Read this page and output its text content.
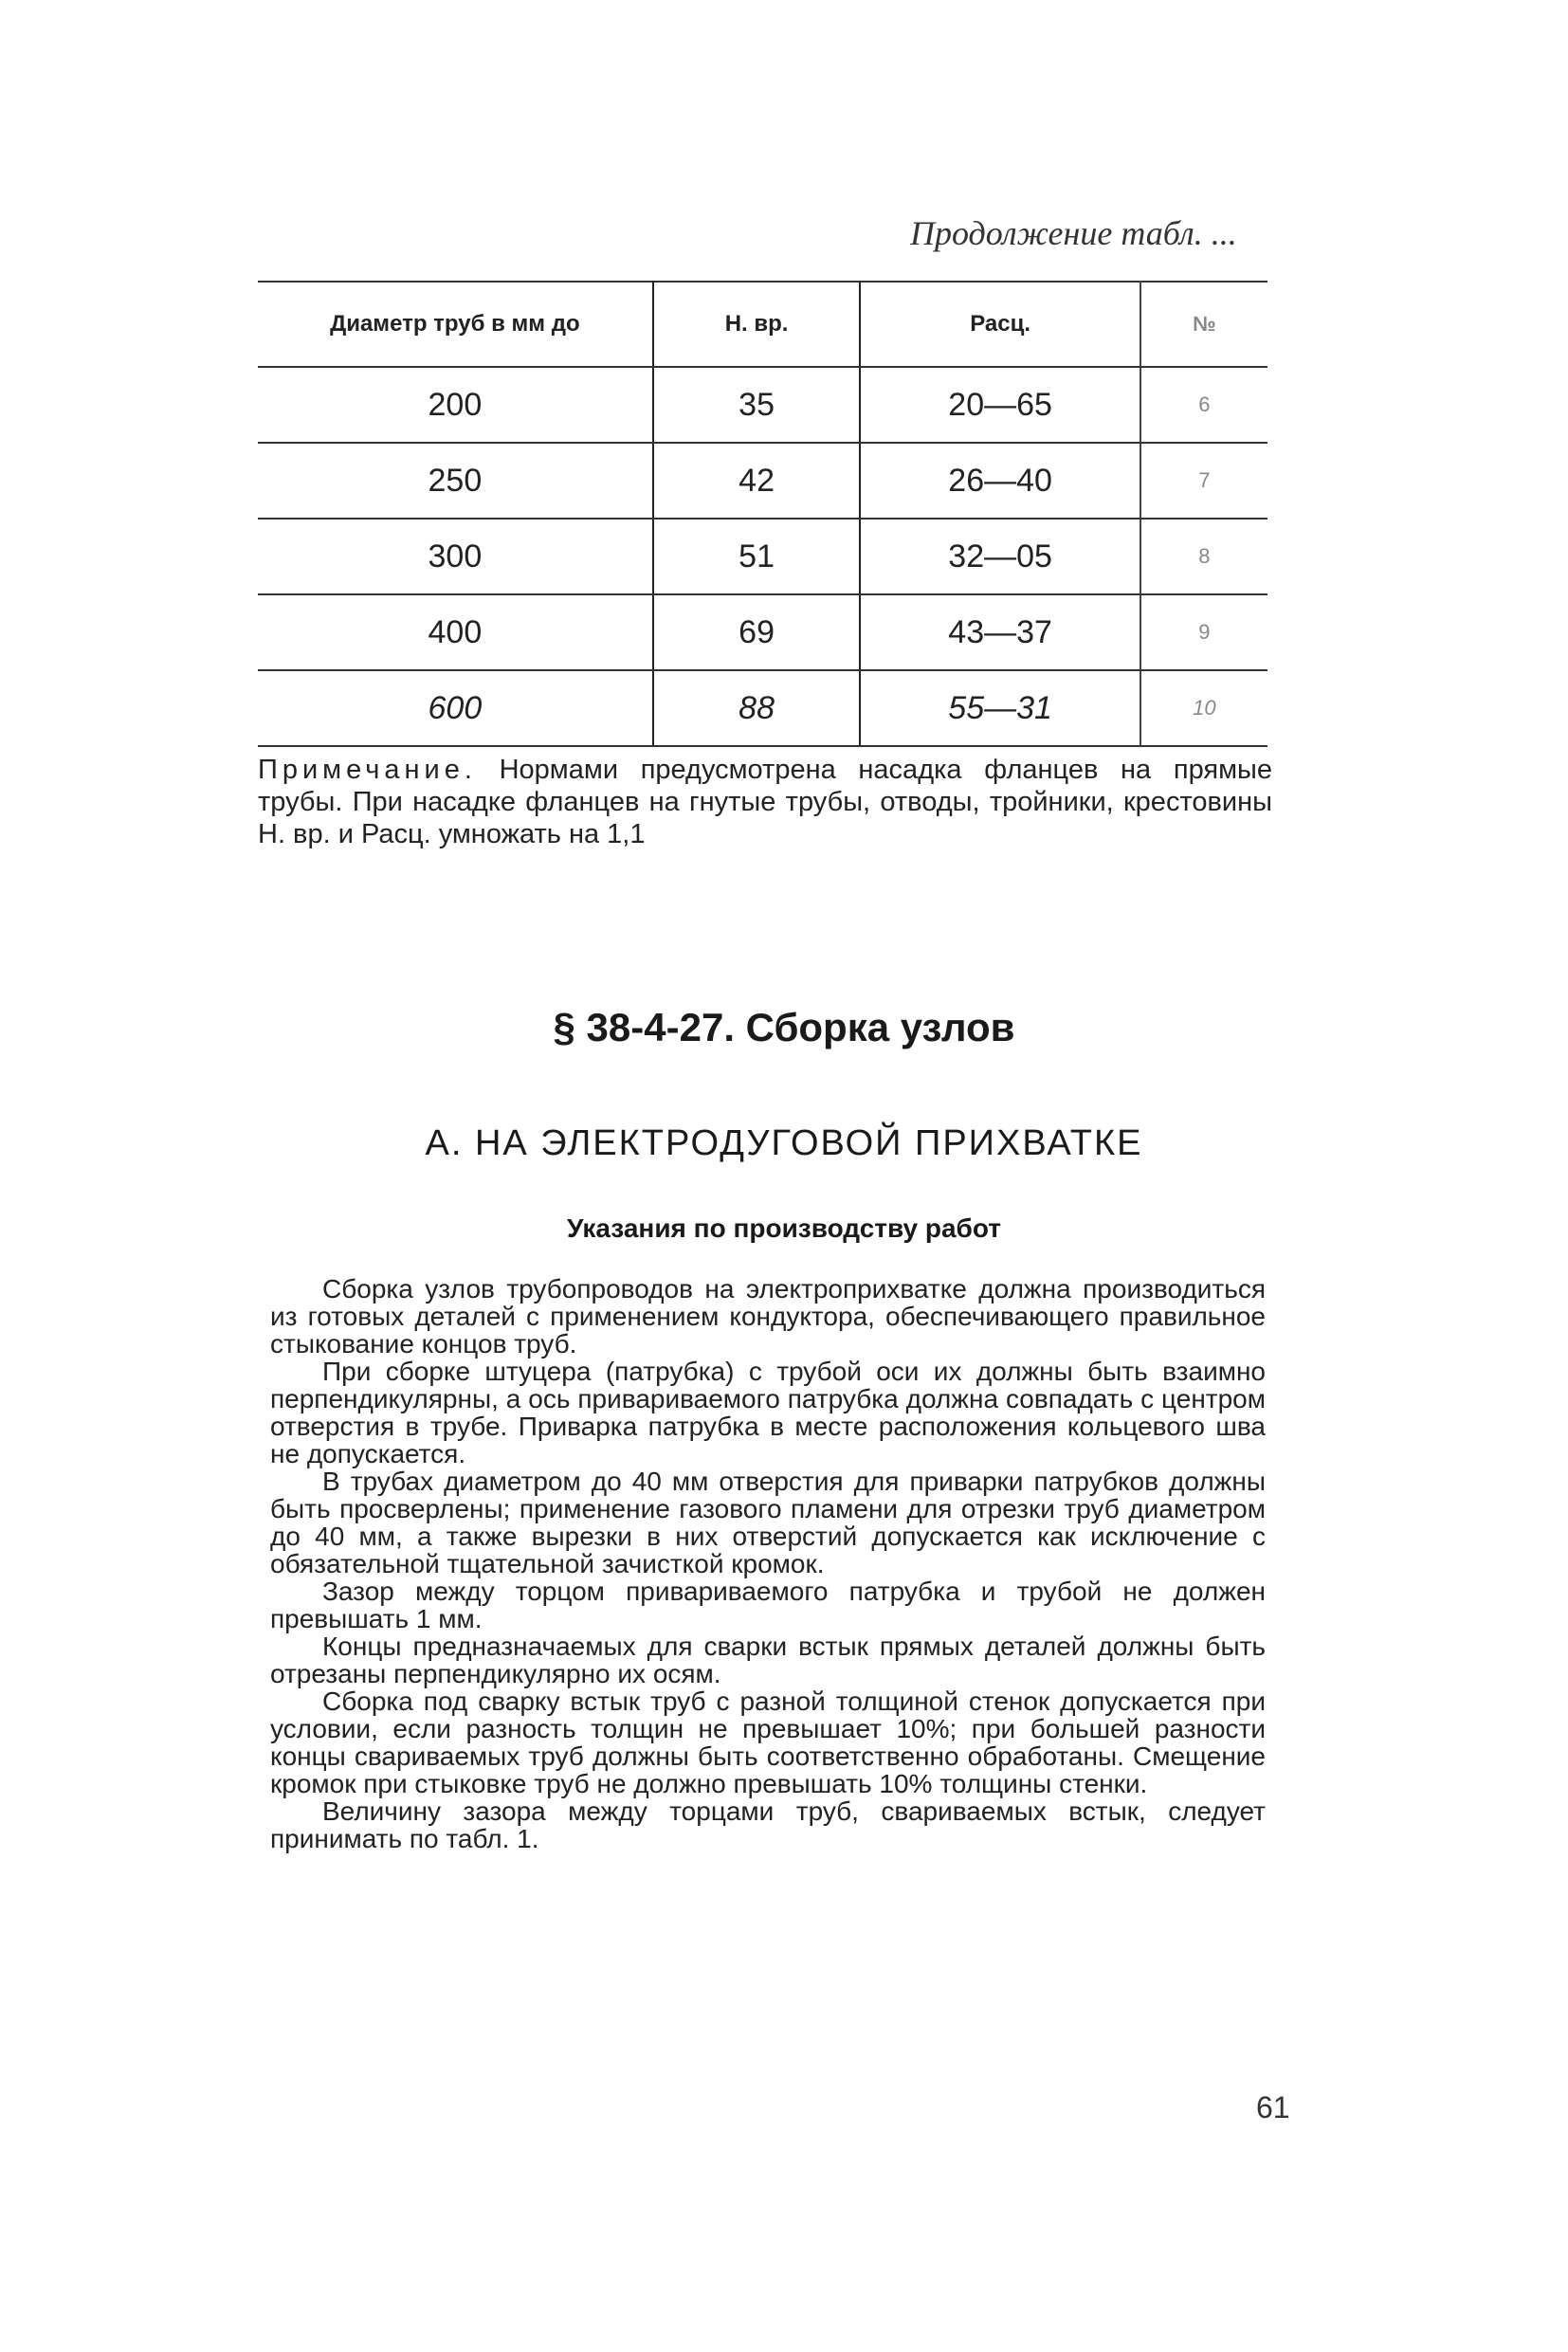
Продолжение табл. ...
Диаметр труб в мм до	Н. вр.	Расц.	№
200	35	20—65	6
250	42	26—40	7
300	51	32—05	8
400	69	43—37	9
600	88	55—31	10
Примечание. Нормами предусмотрена насадка фланцев на прямые трубы. При насадке фланцев на гнутые трубы, отводы, тройники, крестовины Н. вр. и Расц. умножать на 1,1
§ 38-4-27. Сборка узлов
А. НА ЭЛЕКТРОДУГОВОЙ ПРИХВАТКЕ
Указания по производству работ

Сборка узлов трубопроводов на электроприхватке должна производиться из готовых деталей с применением кондуктора, обеспечивающего правильное стыкование концов труб.

При сборке штуцера (патрубка) с трубой оси их должны быть взаимно перпендикулярны, а ось привариваемого патрубка должна совпадать с центром отверстия в трубе. Приварка патрубка в месте расположения кольцевого шва не допускается.

В трубах диаметром до 40 мм отверстия для приварки патрубков должны быть просверлены; применение газового пламени для отрезки труб диаметром до 40 мм, а также вырезки в них отверстий допускается как исключение с обязательной тщательной зачисткой кромок.

Зазор между торцом привариваемого патрубка и трубой не должен превышать 1 мм.

Концы предназначаемых для сварки встык прямых деталей должны быть отрезаны перпендикулярно их осям.

Сборка под сварку встык труб с разной толщиной стенок допускается при условии, если разность толщин не превышает 10%; при большей разности концы свариваемых труб должны быть соответственно обработаны. Смещение кромок при стыковке труб не должно превышать 10% толщины стенки.

Величину зазора между торцами труб, свариваемых встык, следует принимать по табл. 1.

61
